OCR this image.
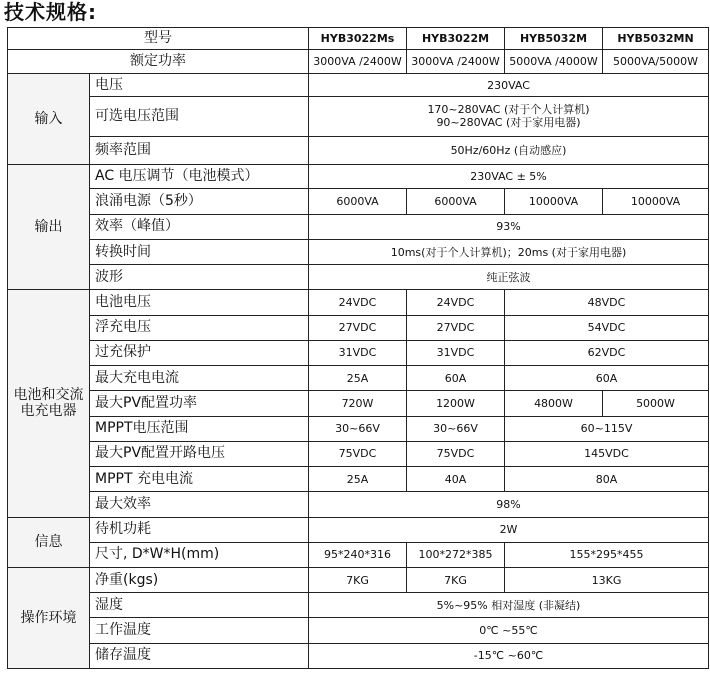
技术规格:
型号		HYB3022Ms	HYB3022M	HYB5032M	HYB5032MN
额定功率		3000VA /2400W	3000VA /2400W	5000VA /4000W	5000VA/5000W
输入	电压	230VAC			
	可选电压范围	170~280VAC (对于个人计算机)
90~280VAC (对于家用电器)			

	频率范围	50Hz/60Hz (自动感应)			
输出	AC 电压调节（电池模式）	230VAC ± 5%			
	浪涌电源（5秒）	6000VA	6000VA	10000VA	10000VA
	效率（峰值）	93%			
	转换时间	10ms(对于个人计算机)；20ms (对于家用电器)			
	波形	纯正弦波			
电池和交流电充电器	电池电压	24VDC	24VDC	48VDC	
	浮充电压	27VDC	27VDC	54VDC	
	过充保护	31VDC	31VDC	62VDC	
	最大充电电流	25A	60A	60A	
	最大PV配置功率	720W	1200W	4800W	5000W
	MPPT电压范围	30~66V	30~66V	60~115V	
	最大PV配置开路电压	75VDC	75VDC	145VDC	
	MPPT 充电电流	25A	40A	80A	
	最大效率	98%			
信息	待机功耗	2W			
	尺寸, D*W*H(mm)	95*240*316	100*272*385	155*295*455	
操作环境	净重(kgs)	7KG	7KG	13KG	
	湿度	5%~95% 相对湿度 (非凝结)			
	工作温度	0℃ ~55℃			
	储存温度	-15℃ ~60℃			
